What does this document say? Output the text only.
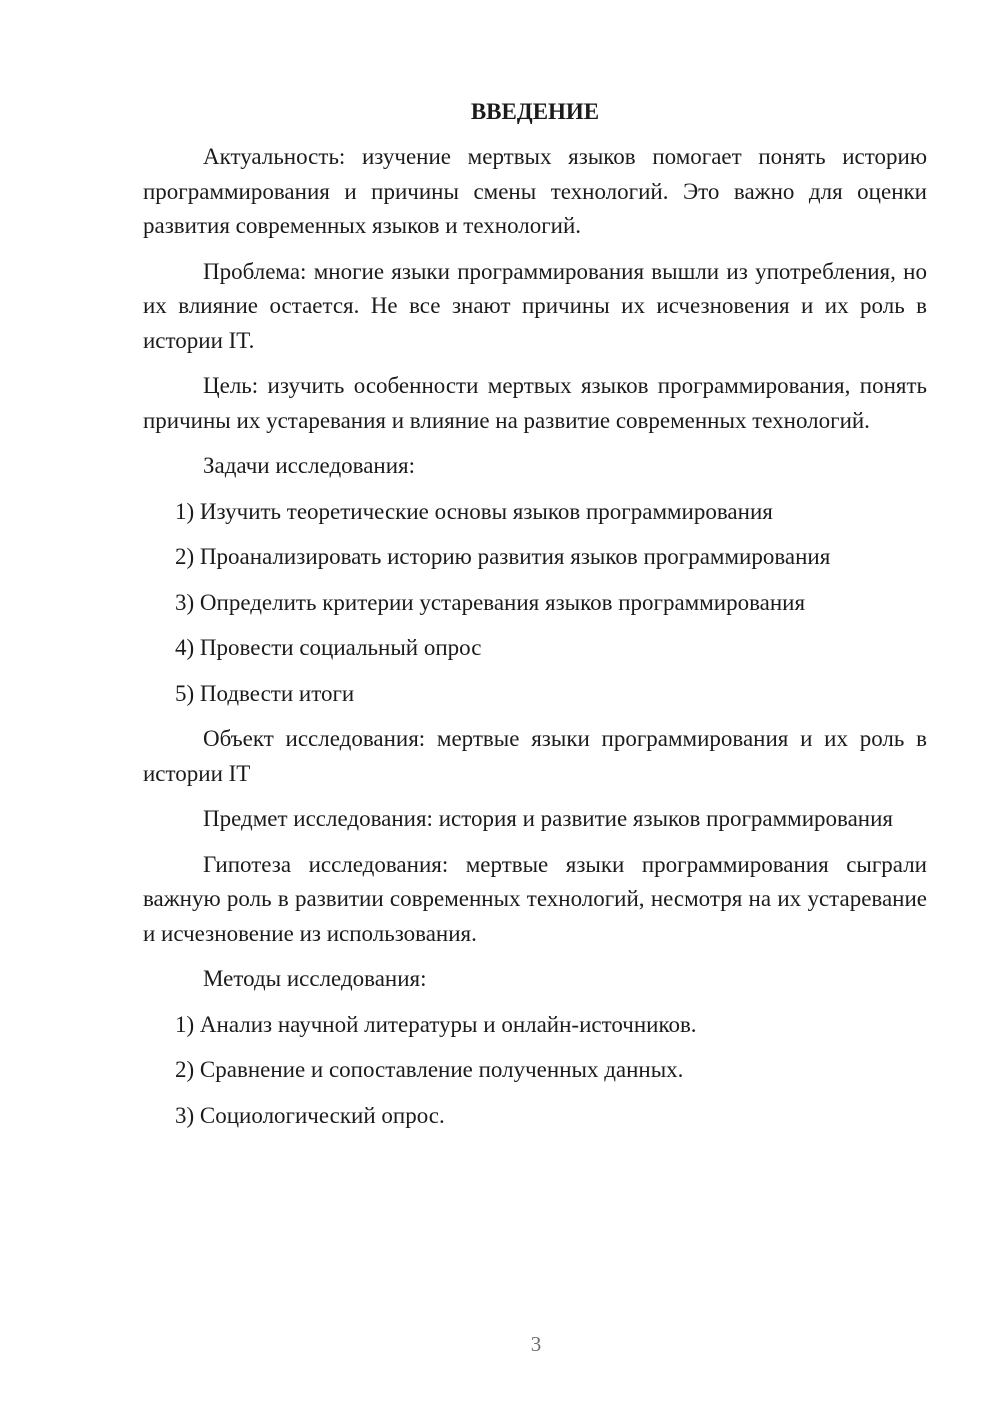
ВВЕДЕНИЕ
Актуальность: изучение мертвых языков помогает понять историю программирования и причины смены технологий. Это важно для оценки развития современных языков и технологий.
Проблема: многие языки программирования вышли из употребления, но их влияние остается. Не все знают причины их исчезновения и их роль в истории IT.
Цель: изучить особенности мертвых языков программирования, понять причины их устаревания и влияние на развитие современных технологий.
Задачи исследования:
1) Изучить теоретические основы языков программирования
2) Проанализировать историю развития языков программирования
3) Определить критерии устаревания языков программирования
4) Провести социальный опрос
5) Подвести итоги
Объект исследования: мертвые языки программирования и их роль в истории IT
Предмет исследования: история и развитие языков программирования
Гипотеза исследования: мертвые языки программирования сыграли важную роль в развитии современных технологий, несмотря на их устаревание и исчезновение из использования.
Методы исследования:
1) Анализ научной литературы и онлайн-источников.
2) Сравнение и сопоставление полученных данных.
3) Социологический опрос.
3
